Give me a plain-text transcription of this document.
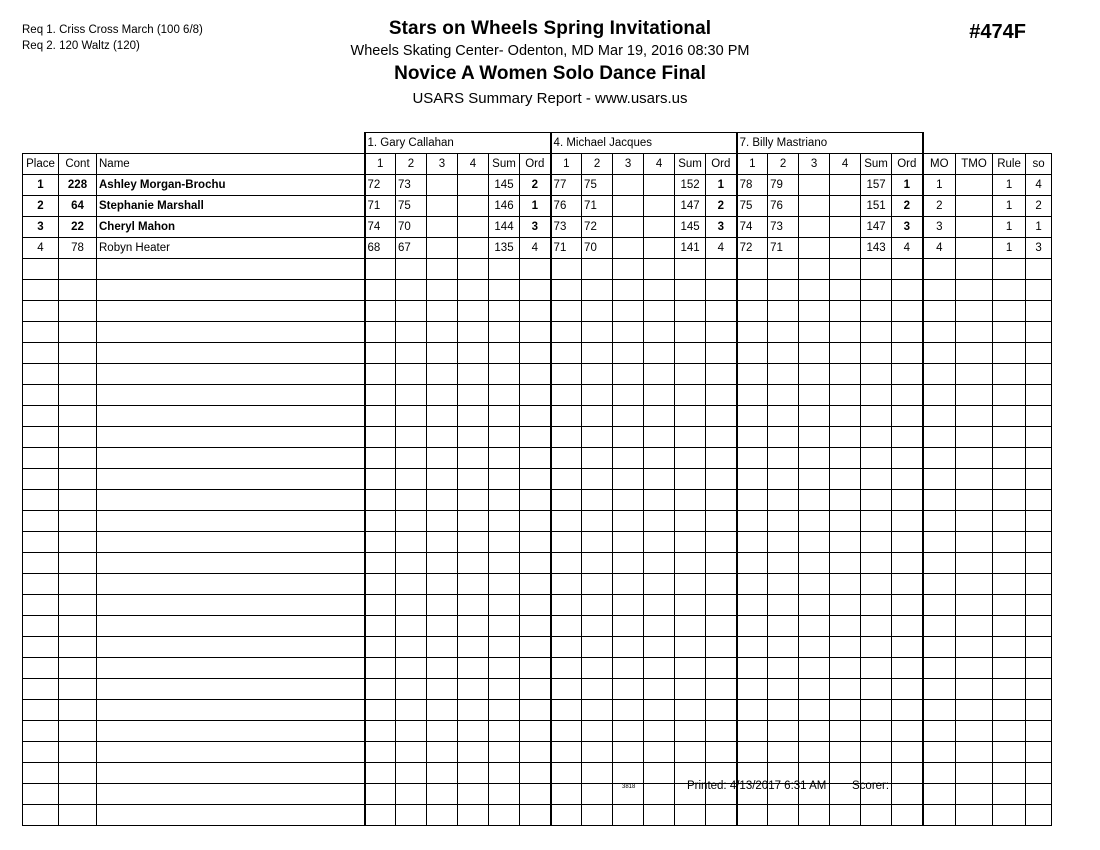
Req 1. Criss Cross March (100 6/8)
Req 2. 120 Waltz (120)
Stars on Wheels Spring Invitational
Wheels Skating Center- Odenton, MD Mar 19, 2016 08:30 PM
Novice A Women Solo Dance Final
USARS Summary Report - www.usars.us
#474F
			1. Gary Callahan						4. Michael Jacques						7. Billy Mastriano									
Place	Cont	Name	1	2	3	4	Sum	Ord	1	2	3	4	Sum	Ord	1	2	3	4	Sum	Ord	MO	TMO	Rule	so
1	228	Ashley Morgan-Brochu	72	73			145	2	77	75			152	1	78	79			157	1	1		1	4
2	64	Stephanie Marshall	71	75			146	1	76	71			147	2	75	76			151	2	2		1	2
3	22	Cheryl Mahon	74	70			144	3	73	72			145	3	74	73			147	3	3		1	1
4	78	Robyn Heater	68	67			135	4	71	70			141	4	72	71			143	4	4		1	3

3818	Printed: 4/13/2017 6:31 AM Scorer:
